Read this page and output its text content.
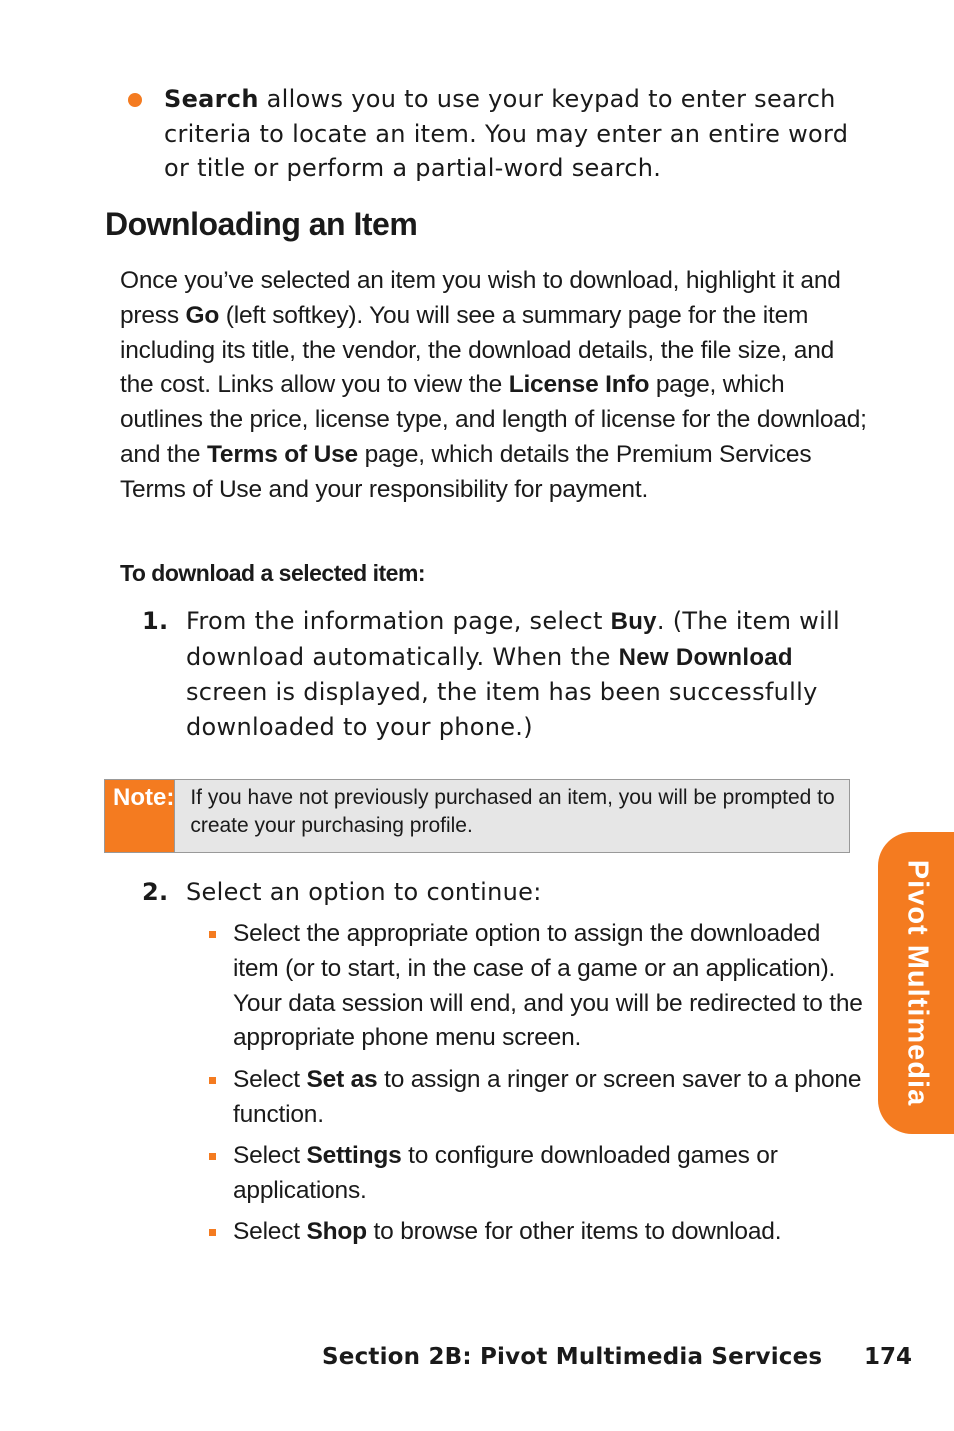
Search allows you to use your keypad to enter search criteria to locate an item. You may enter an entire word or title or perform a partial-word search.
Downloading an Item

Once you’ve selected an item you wish to download, highlight it and press Go (left softkey). You will see a summary page for the item including its title, the vendor, the download details, the file size, and the cost. Links allow you to view the License Info page, which outlines the price, license type, and length of license for the download; and the Terms of Use page, which details the Premium Services Terms of Use and your responsibility for payment.

To download a selected item:
1. From the information page, select Buy. (The item will download automatically. When the New Download screen is displayed, the item has been successfully downloaded to your phone.)
Note: If you have not previously purchased an item, you will be prompted to create your purchasing profile.
2. Select an option to continue:
Select the appropriate option to assign the downloaded item (or to start, in the case of a game or an application). Your data session will end, and you will be redirected to the appropriate phone menu screen.
Select Set as to assign a ringer or screen saver to a phone function.
Select Settings to configure downloaded games or applications.
Select Shop to browse for other items to download.
Pivot Multimedia
Section 2B: Pivot Multimedia Services 174
